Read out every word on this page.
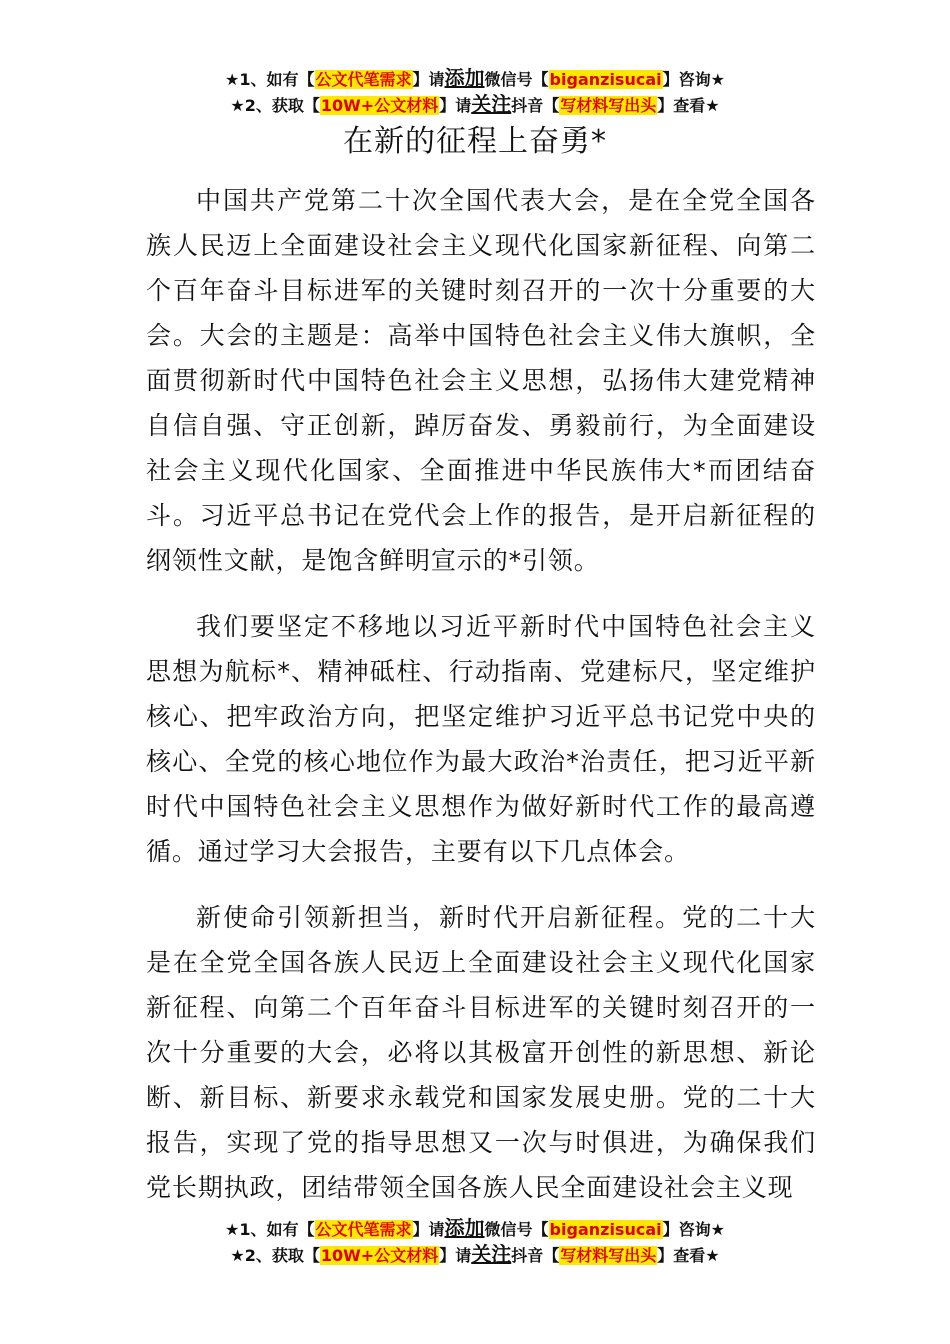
★1、如有【公文代笔需求】请添加微信号【biganzisucai】咨询★
★2、获取【10W+公文材料】请关注抖音【写材料写出头】查看★
在新的征程上奋勇*

中国共产党第二十次全国代表大会，是在全党全国各族人民迈上全面建设社会主义现代化国家新征程、向第二个百年奋斗目标进军的关键时刻召开的一次十分重要的大会。大会的主题是：高举中国特色社会主义伟大旗帜，全面贯彻新时代中国特色社会主义思想，弘扬伟大建党精神自信自强、守正创新，踔厉奋发、勇毅前行，为全面建设社会主义现代化国家、全面推进中华民族伟大*而团结奋斗。习近平总书记在党代会上作的报告，是开启新征程的纲领性文献，是饱含鲜明宣示的*引领。

我们要坚定不移地以习近平新时代中国特色社会主义思想为航标*、精神砥柱、行动指南、党建标尺，坚定维护核心、把牢政治方向，把坚定维护习近平总书记党中央的核心、全党的核心地位作为最大政治*治责任，把习近平新时代中国特色社会主义思想作为做好新时代工作的最高遵循。通过学习大会报告，主要有以下几点体会。

新使命引领新担当，新时代开启新征程。党的二十大是在全党全国各族人民迈上全面建设社会主义现代化国家新征程、向第二个百年奋斗目标进军的关键时刻召开的一次十分重要的大会，必将以其极富开创性的新思想、新论断、新目标、新要求永载党和国家发展史册。党的二十大报告，实现了党的指导思想又一次与时俱进，为确保我们党长期执政，团结带领全国各族人民全面建设社会主义现

★1、如有【公文代笔需求】请添加微信号【biganzisucai】咨询★
★2、获取【10W+公文材料】请关注抖音【写材料写出头】查看★
